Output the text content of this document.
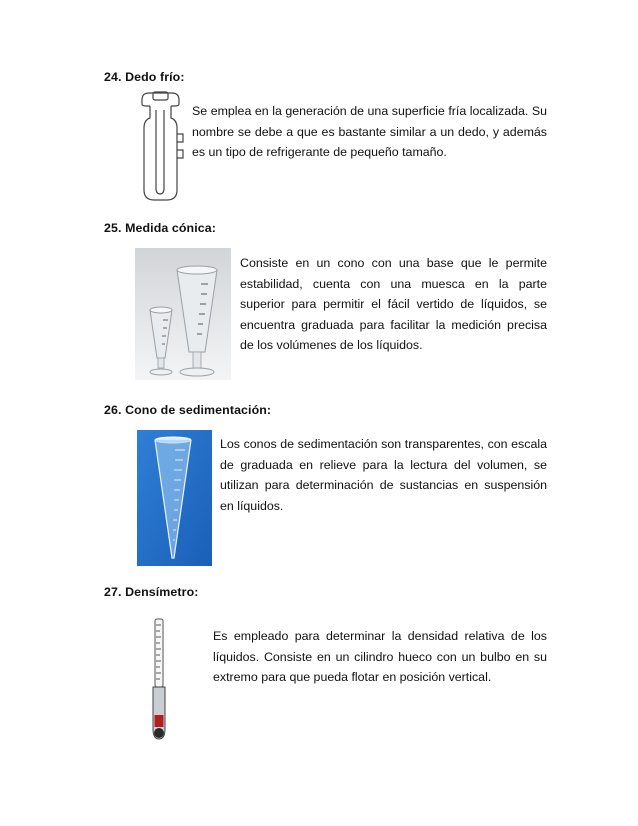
24. Dedo frío:
Se emplea en la generación de una superficie fría localizada. Su nombre se debe a que es bastante similar a un dedo, y además es un tipo de refrigerante de pequeño tamaño.
25. Medida cónica:
Consiste en un cono con una base que le permite estabilidad, cuenta con una muesca en la parte superior para permitir el fácil vertido de líquidos, se encuentra graduada para facilitar la medición precisa de los volúmenes de los líquidos.
26. Cono de sedimentación:
Los conos de sedimentación son transparentes, con escala de graduada en relieve para la lectura del volumen, se utilizan para determinación de sustancias en suspensión en líquidos.
27. Densímetro:
Es empleado para determinar la densidad relativa de los líquidos. Consiste en un cilindro hueco con un bulbo en su extremo para que pueda flotar en posición vertical.
